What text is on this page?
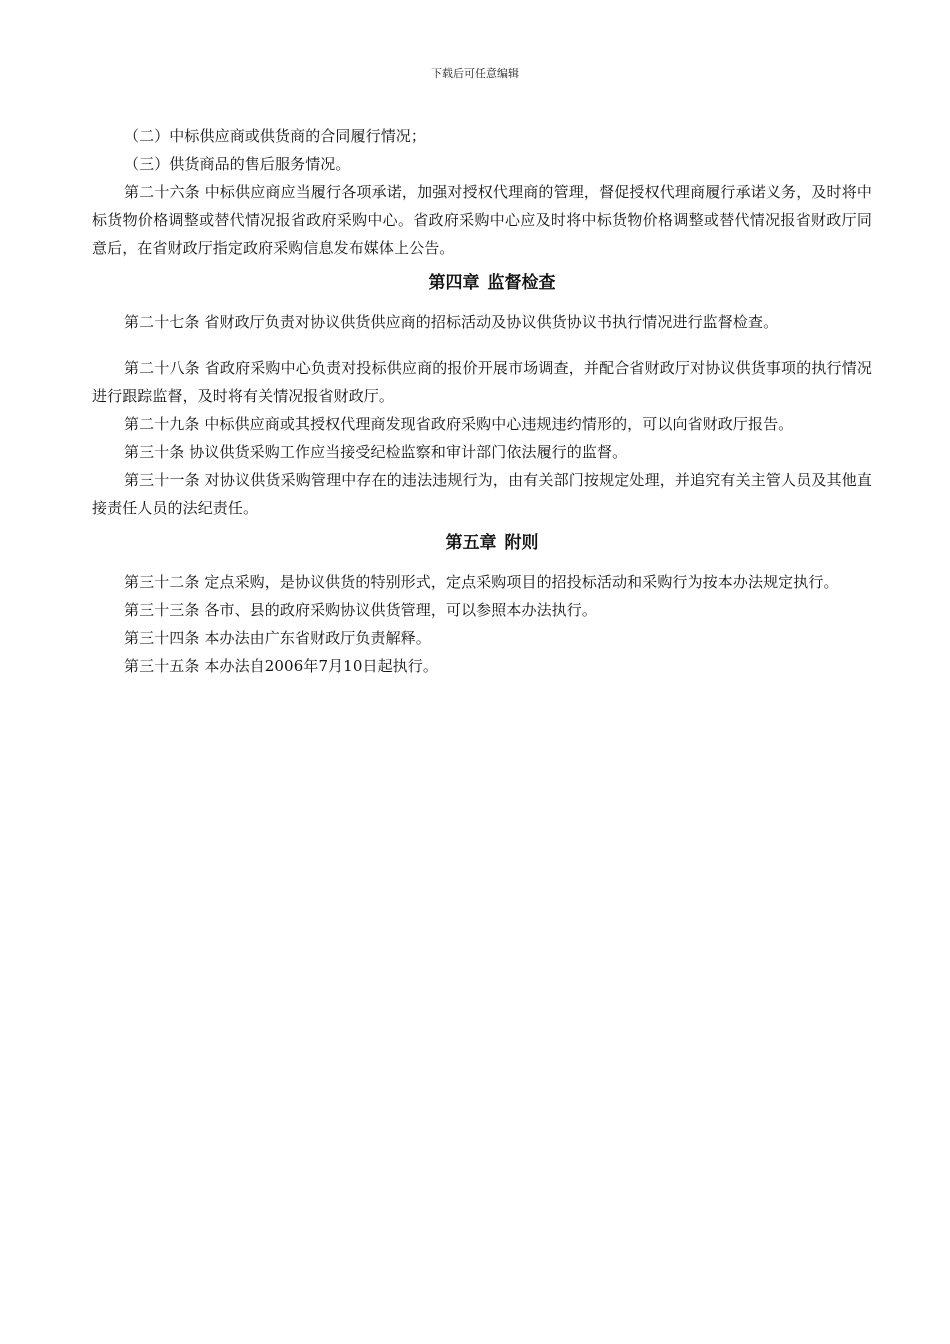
下载后可任意编辑

（二）中标供应商或供货商的合同履行情况；

（三）供货商品的售后服务情况。

第二十六条 中标供应商应当履行各项承诺，加强对授权代理商的管理，督促授权代理商履行承诺义务，及时将中标货物价格调整或替代情况报省政府采购中心。省政府采购中心应及时将中标货物价格调整或替代情况报省财政厅同意后，在省财政厅指定政府采购信息发布媒体上公告。

第四章 监督检查

第二十七条 省财政厅负责对协议供货供应商的招标活动及协议供货协议书执行情况进行监督检查。

第二十八条 省政府采购中心负责对投标供应商的报价开展市场调查，并配合省财政厅对协议供货事项的执行情况进行跟踪监督，及时将有关情况报省财政厅。

第二十九条 中标供应商或其授权代理商发现省政府采购中心违规违约情形的，可以向省财政厅报告。

第三十条 协议供货采购工作应当接受纪检监察和审计部门依法履行的监督。

第三十一条 对协议供货采购管理中存在的违法违规行为，由有关部门按规定处理，并追究有关主管人员及其他直接责任人员的法纪责任。

第五章 附则

第三十二条 定点采购，是协议供货的特别形式，定点采购项目的招投标活动和采购行为按本办法规定执行。

第三十三条 各市、县的政府采购协议供货管理，可以参照本办法执行。

第三十四条 本办法由广东省财政厅负责解释。

第三十五条 本办法自2006年7月10日起执行。
